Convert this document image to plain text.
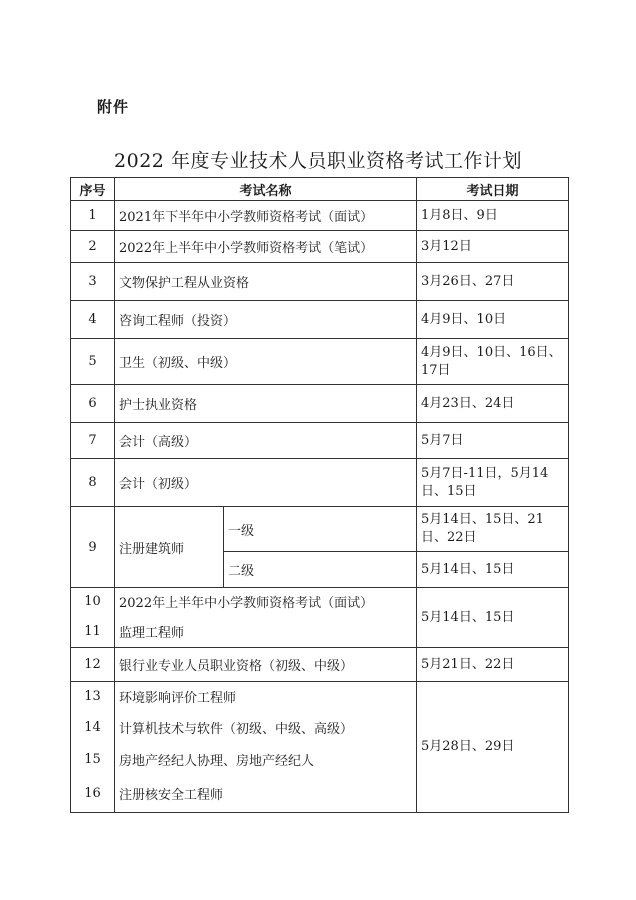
附件
2022 年度专业技术人员职业资格考试工作计划
序号	考试名称		考试日期
1	2021年下半年中小学教师资格考试（面试）		1月8日、9日
2	2022年上半年中小学教师资格考试（笔试）		3月12日
3	文物保护工程从业资格		3月26日、27日
4	咨询工程师（投资）		4月9日、10日
5	卫生（初级、中级）		4月9日、10日、16日、17日
6	护士执业资格		4月23日、24日
7	会计（高级）		5月7日
8	会计（初级）		5月7日-11日，5月14日、15日
9	注册建筑师	一级	5月14日、15日、21日、22日
		二级	5月14日、15日
10	2022年上半年中小学教师资格考试（面试）		5月14日、15日
11	监理工程师		
12	银行业专业人员职业资格（初级、中级）		5月21日、22日
13	环境影响评价工程师		5月28日、29日
14	计算机技术与软件（初级、中级、高级）		
15	房地产经纪人协理、房地产经纪人		
16	注册核安全工程师		
